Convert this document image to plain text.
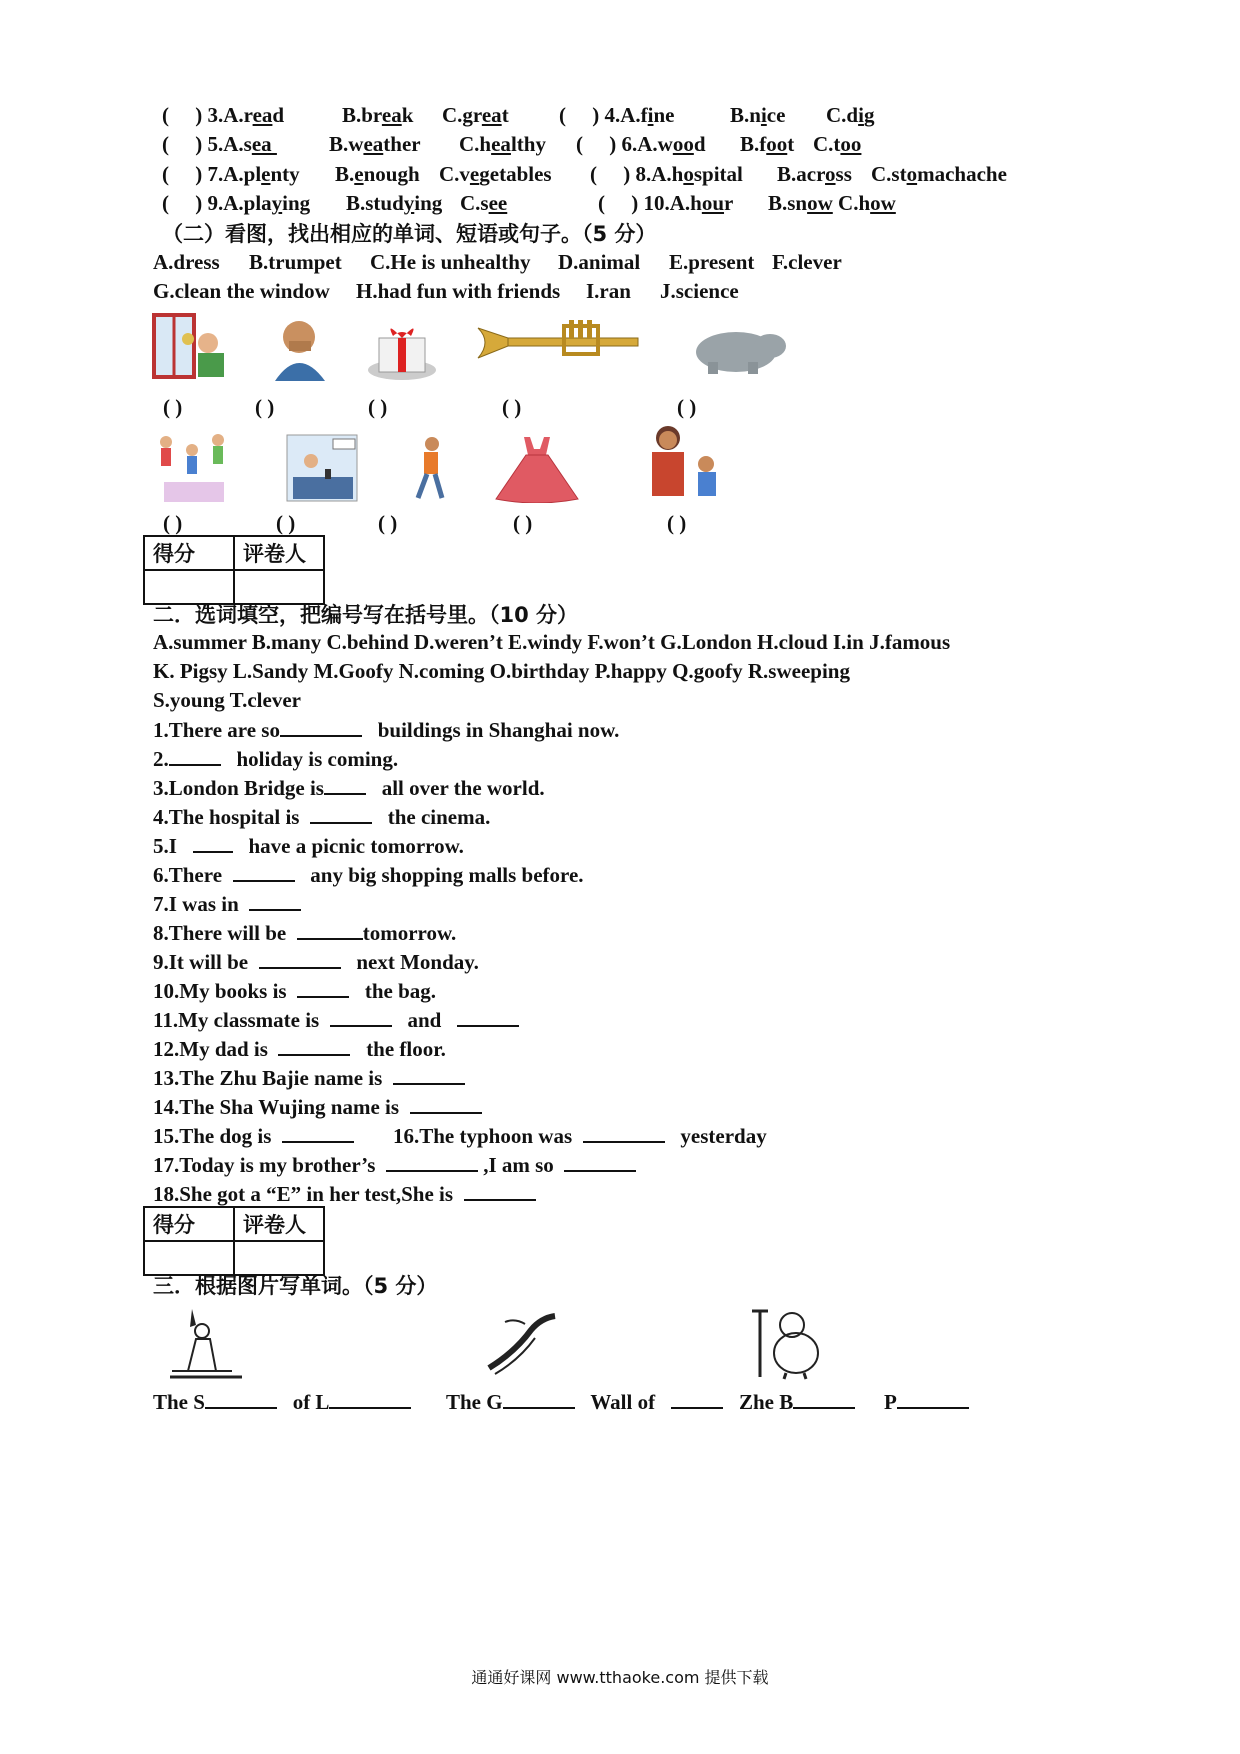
(     ) 3.A.read	B.break C.great (     ) 4.A.fine	B.nice C.dig
(     ) 5.A.sea B.weather C.healthy (     ) 6.A.wood B.foot C.too
(     ) 7.A.plenty B.enough C.vegetables (     ) 8.A.hospital B.across C.stomachache
(     ) 9.A.playing B.studying C.see	(     ) 10.A.hour B.snow C.how
（二）看图，找出相应的单词、短语或句子。（5 分）
A.dress B.trumpet C.He is unhealthy D.animal E.present F.clever
G.clean the window H.had fun with friends I.ran J.science
( )	( )	( )	( )	( )
( )	( )	( )	( )	( )
得分	评卷人

二．选词填空，把编号写在括号里。（10 分）
A.summer B.many C.behind D.weren’t E.windy F.won’t G.London H.cloud I.in J.famous
K. Pigsy L.Sandy M.Goofy N.coming O.birthday P.happy Q.goofy R.sweeping
S.young T.clever
1.There are so	buildings in Shanghai now.
2.	holiday is coming.
3.London Bridge is	all over the world.
4.The hospital is	the cinema.
5.I	have a picnic tomorrow.
6.There	any big shopping malls before.
7.I was in
8.There will be	tomorrow.
9.It will be	next Monday.
10.My books is	the bag.
11.My classmate is	and
12.My dad is	the floor.
13.The Zhu Bajie name is
14.The Sha Wujing name is
15.The dog is	16.The typhoon was	yesterday
17.Today is my brother’s	,I am so
18.She got a “E” in her test,She is
得分	评卷人

三．根据图片写单词。（5 分）
The S	of L	The G	Wall of	Zhe B	P
通通好课网 www.tthaoke.com 提供下载
